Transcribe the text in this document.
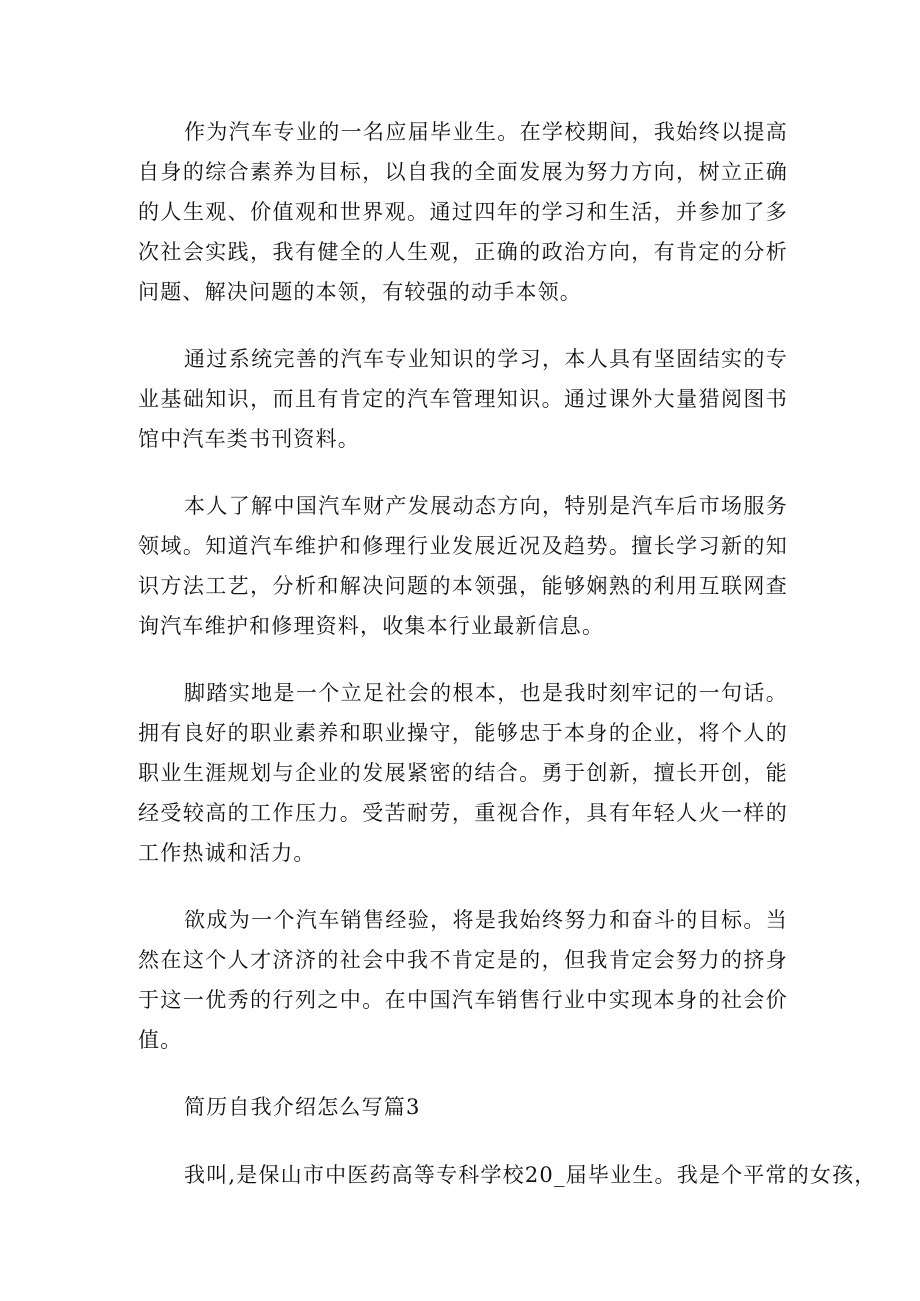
作为汽车专业的一名应届毕业生。在学校期间，我始终以提高自身的综合素养为目标，以自我的全面发展为努力方向，树立正确的人生观、价值观和世界观。通过四年的学习和生活，并参加了多次社会实践，我有健全的人生观，正确的政治方向，有肯定的分析问题、解决问题的本领，有较强的动手本领。

通过系统完善的汽车专业知识的学习，本人具有坚固结实的专业基础知识，而且有肯定的汽车管理知识。通过课外大量猎阅图书馆中汽车类书刊资料。

本人了解中国汽车财产发展动态方向，特别是汽车后市场服务领域。知道汽车维护和修理行业发展近况及趋势。擅长学习新的知识方法工艺，分析和解决问题的本领强，能够娴熟的利用互联网查询汽车维护和修理资料，收集本行业最新信息。

脚踏实地是一个立足社会的根本，也是我时刻牢记的一句话。拥有良好的职业素养和职业操守，能够忠于本身的企业，将个人的职业生涯规划与企业的发展紧密的结合。勇于创新，擅长开创，能经受较高的工作压力。受苦耐劳，重视合作，具有年轻人火一样的工作热诚和活力。

欲成为一个汽车销售经验，将是我始终努力和奋斗的目标。当然在这个人才济济的社会中我不肯定是的，但我肯定会努力的挤身于这一优秀的行列之中。在中国汽车销售行业中实现本身的社会价值。

简历自我介绍怎么写篇3

我叫,是保山市中医药高等专科学校20_届毕业生。我是个平常的女孩，
